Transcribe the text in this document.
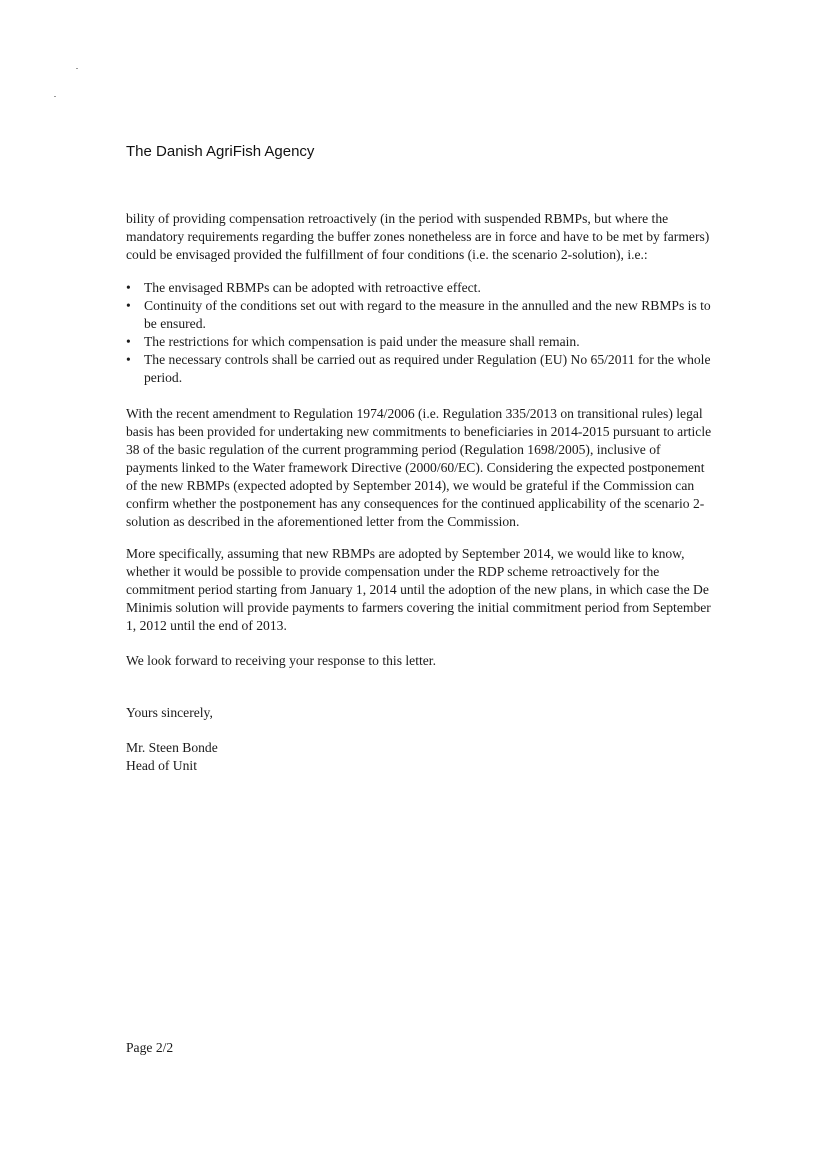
The Danish AgriFish Agency

bility of providing compensation retroactively (in the period with suspended RBMPs, but where the mandatory requirements regarding the buffer zones nonetheless are in force and have to be met by farmers) could be envisaged provided the fulfillment of four conditions (i.e. the scenario 2-solution), i.e.:

• The envisaged RBMPs can be adopted with retroactive effect.
• Continuity of the conditions set out with regard to the measure in the annulled and the new RBMPs is to be ensured.
• The restrictions for which compensation is paid under the measure shall remain.
• The necessary controls shall be carried out as required under Regulation (EU) No 65/2011 for the whole period.

With the recent amendment to Regulation 1974/2006 (i.e. Regulation 335/2013 on transitional rules) legal basis has been provided for undertaking new commitments to beneficiaries in 2014-2015 pursuant to article 38 of the basic regulation of the current programming period (Regulation 1698/2005), inclusive of payments linked to the Water framework Directive (2000/60/EC). Considering the expected postponement of the new RBMPs (expected adopted by September 2014), we would be grateful if the Commission can confirm whether the postponement has any consequences for the continued applicability of the scenario 2-solution as described in the aforementioned letter from the Commission.

More specifically, assuming that new RBMPs are adopted by September 2014, we would like to know, whether it would be possible to provide compensation under the RDP scheme retroactively for the commitment period starting from January 1, 2014 until the adoption of the new plans, in which case the De Minimis solution will provide payments to farmers covering the initial commitment period from September 1, 2012 until the end of 2013.

We look forward to receiving your response to this letter.

Yours sincerely,

Mr. Steen Bonde

Head of Unit

Page 2/2
